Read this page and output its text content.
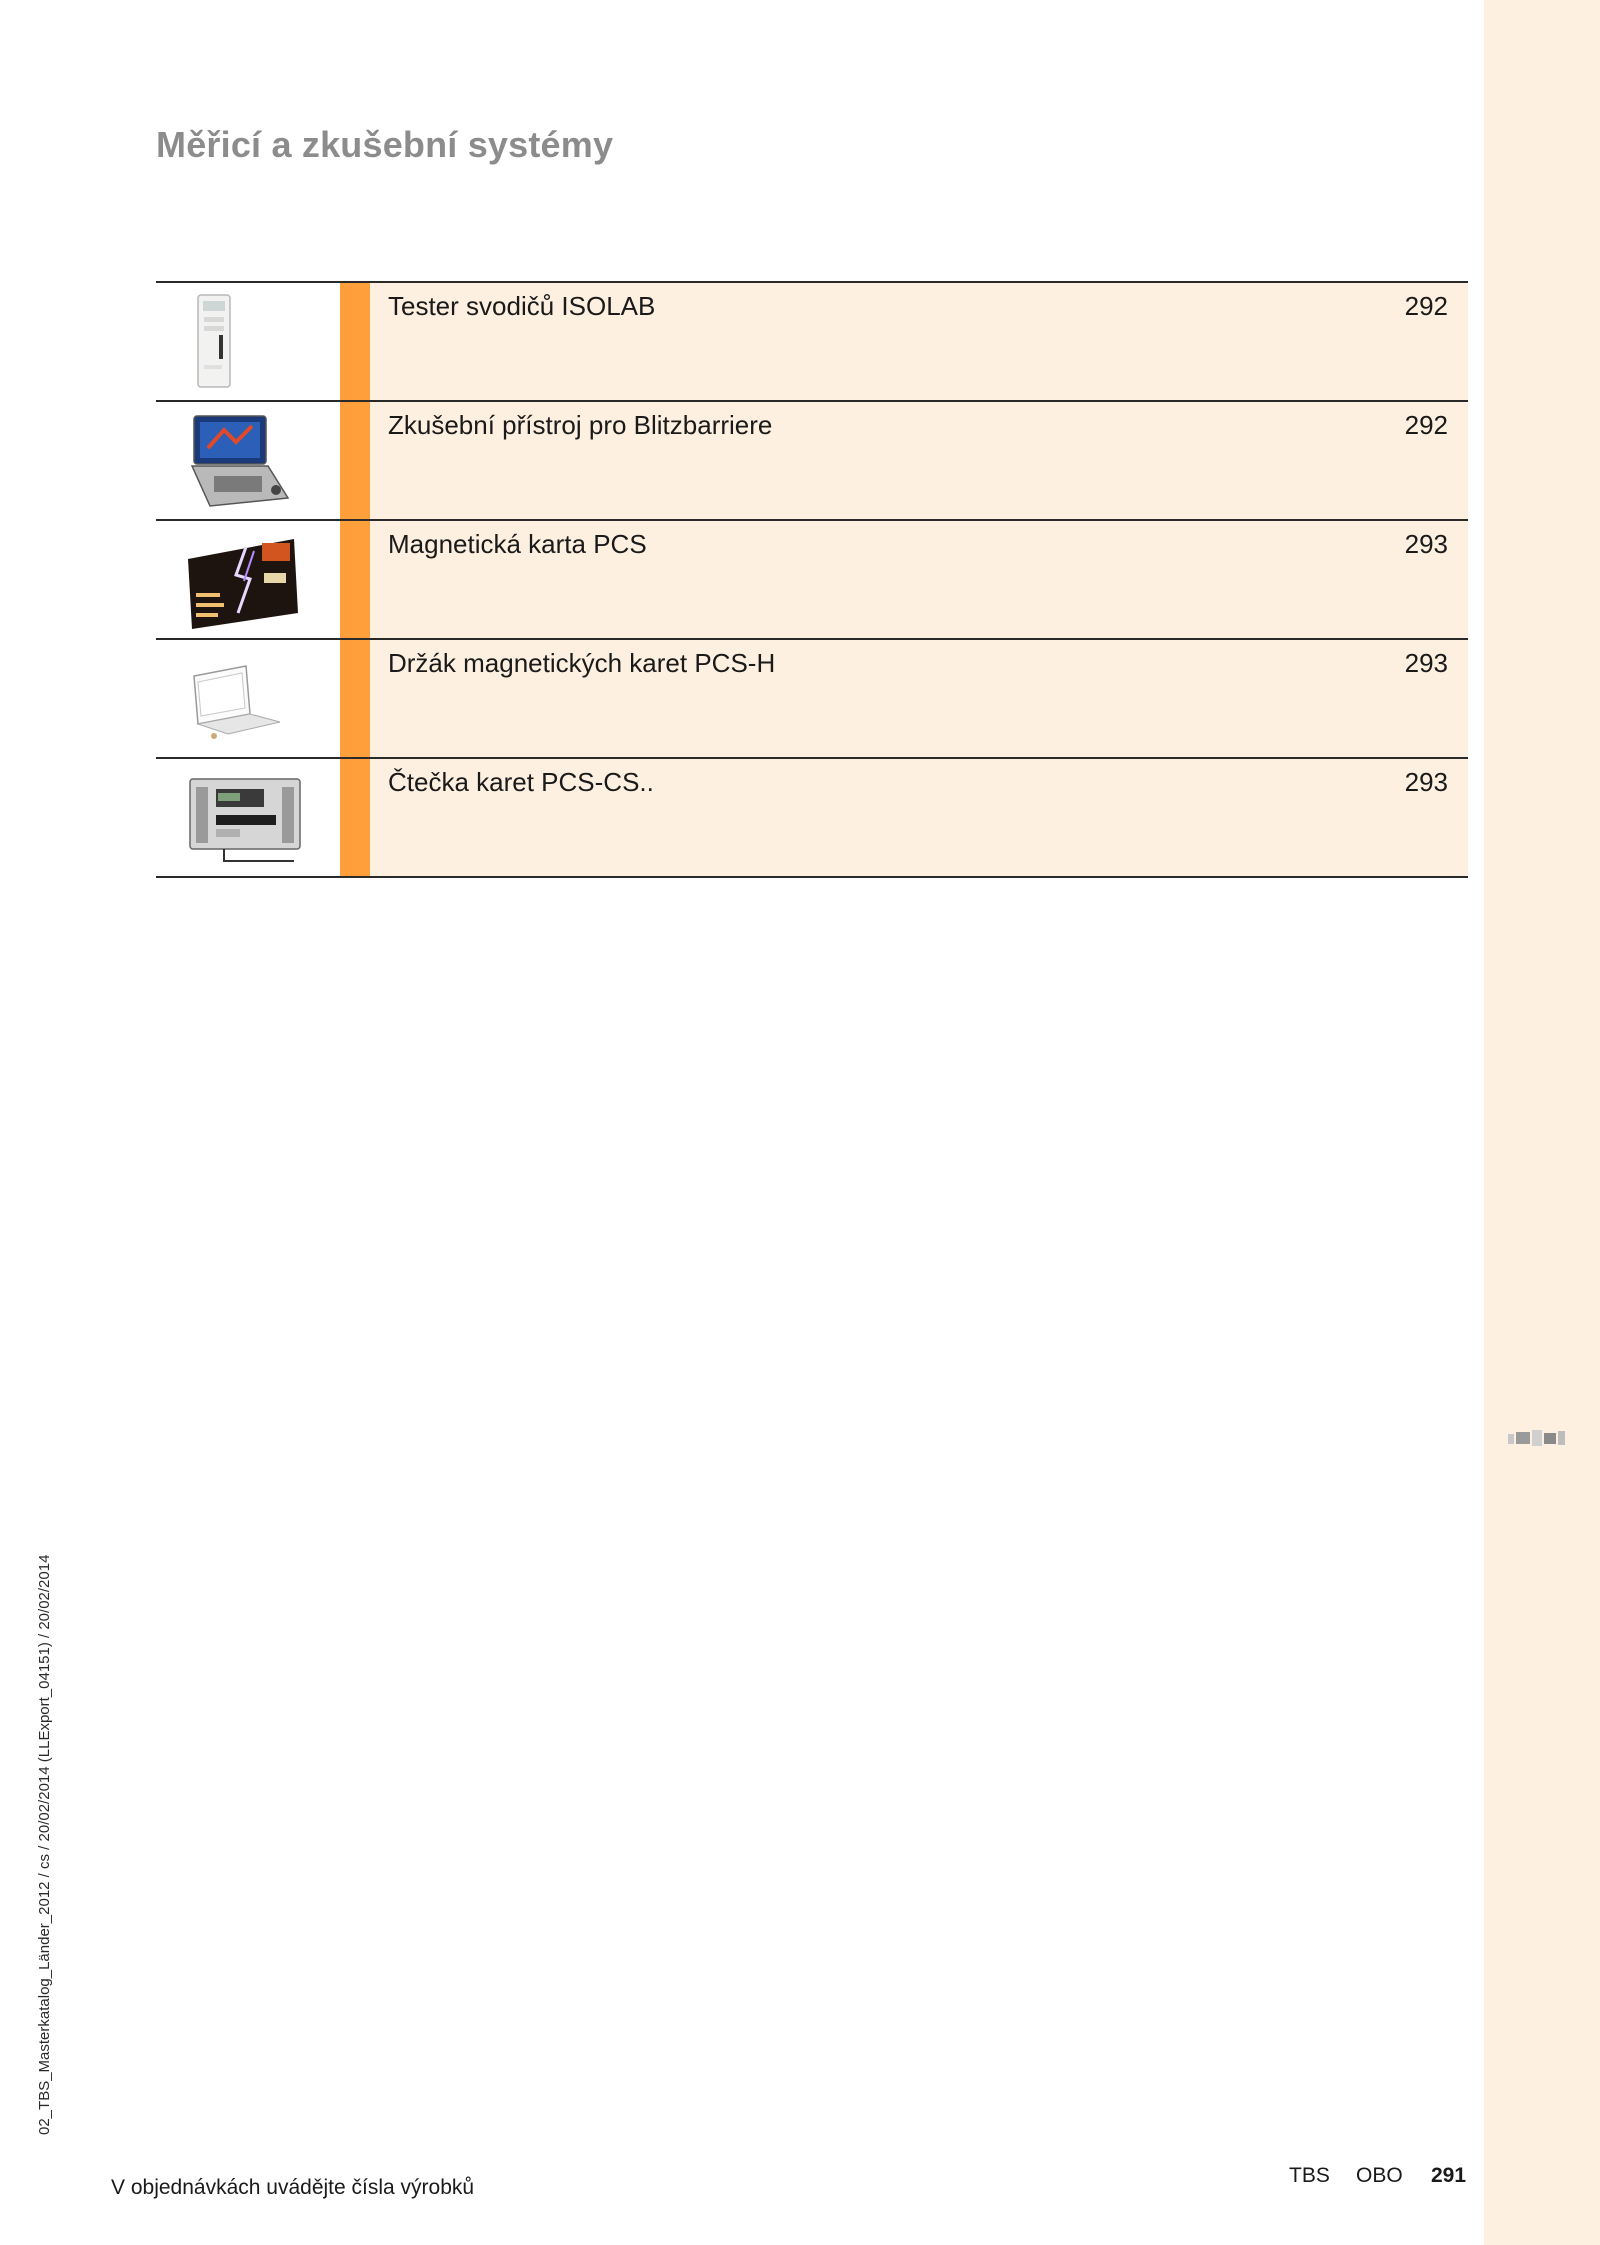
Měřicí a zkušební systémy
Tester svodičů ISOLAB	292
Zkušební přístroj pro Blitzbarriere	292
Magnetická karta PCS	293
Držák magnetických karet PCS-H	293
Čtečka karet PCS-CS..	293
02_TBS_Masterkatalog_Länder_2012 / cs / 20/02/2014 (LLExport_04151) / 20/02/2014
V objednávkách uvádějte čísla výrobků
TBS OBO 291
